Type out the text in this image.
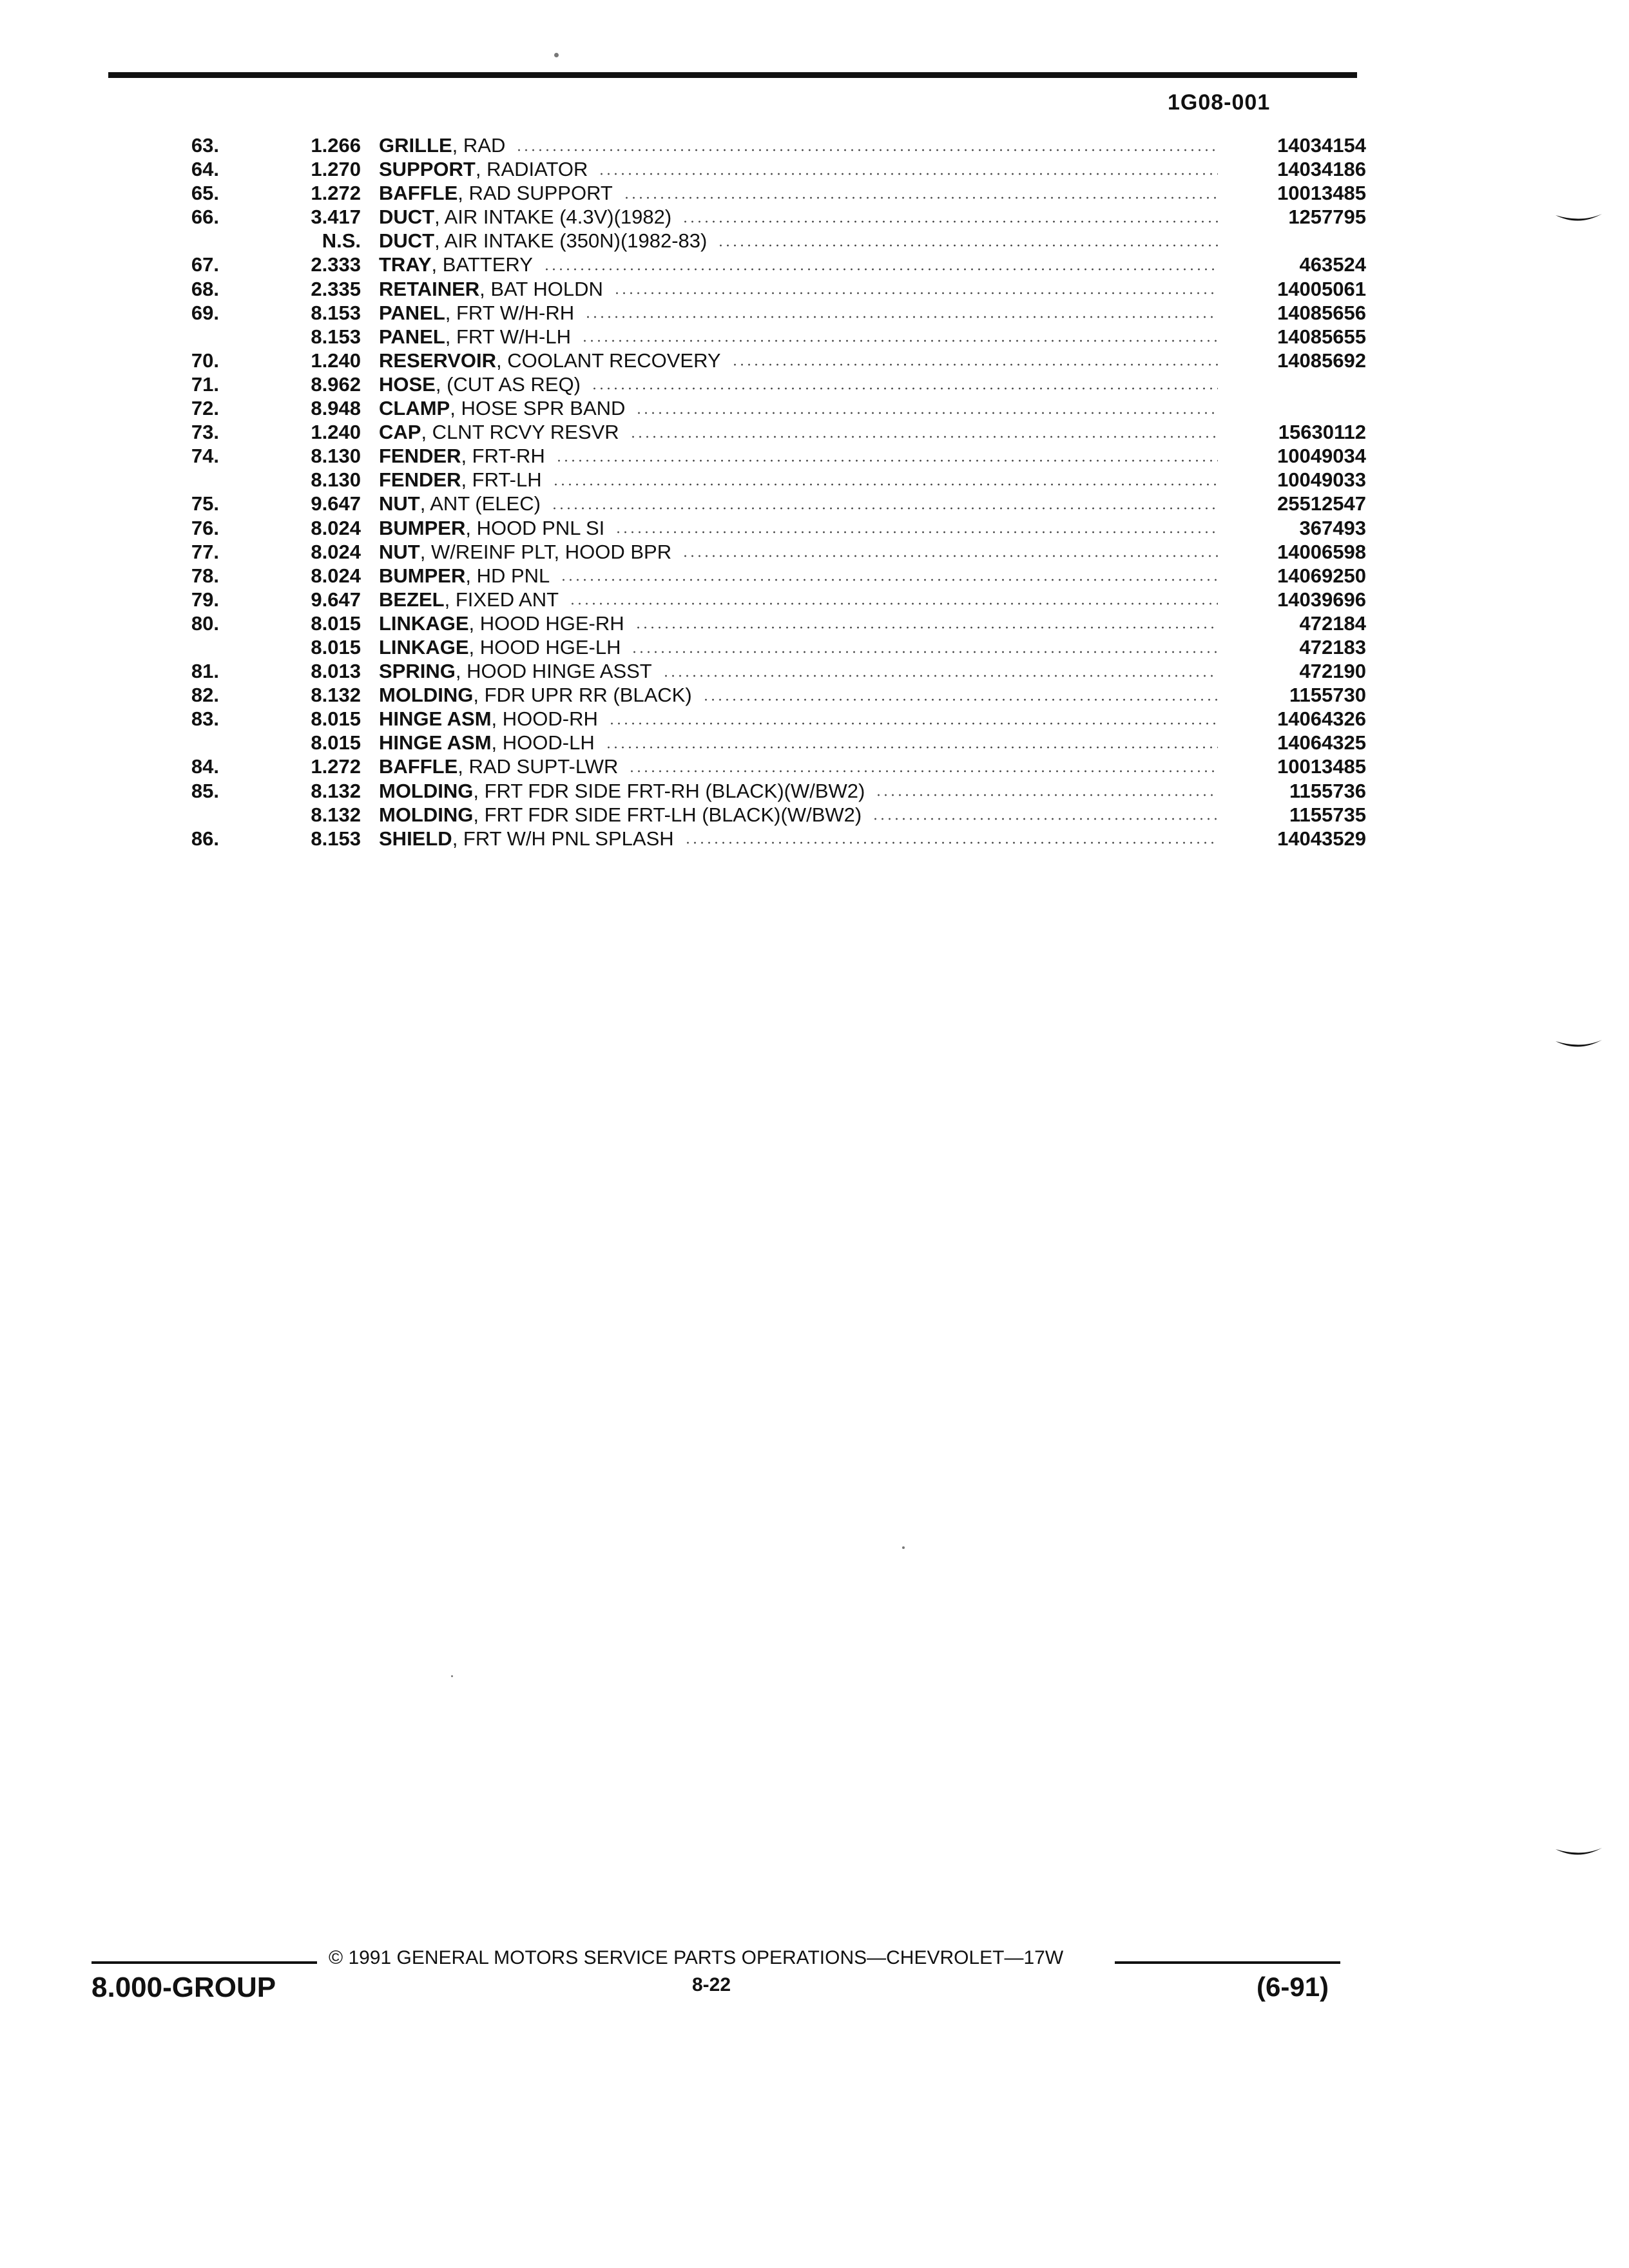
1G08-001
63.	1.266 GRILLE, RAD	14034154
64.	1.270 SUPPORT, RADIATOR	14034186
65.	1.272 BAFFLE, RAD SUPPORT	10013485
66.	3.417 DUCT, AIR INTAKE (4.3V)(1982)	1257795
N.S. DUCT, AIR INTAKE (350N)(1982-83)
67.	2.333 TRAY, BATTERY	463524
68.	2.335 RETAINER, BAT HOLDN	14005061
69.	8.153 PANEL, FRT W/H-RH	14085656
8.153 PANEL, FRT W/H-LH	14085655
70.	1.240 RESERVOIR, COOLANT RECOVERY	14085692
71.	8.962 HOSE, (CUT AS REQ)
72.	8.948 CLAMP, HOSE SPR BAND
73.	1.240 CAP, CLNT RCVY RESVR	15630112
74.	8.130 FENDER, FRT-RH	10049034
8.130 FENDER, FRT-LH	10049033
75.	9.647 NUT, ANT (ELEC)	25512547
76.	8.024 BUMPER, HOOD PNL SI	367493
77.	8.024 NUT, W/REINF PLT, HOOD BPR	14006598
78.	8.024 BUMPER, HD PNL	14069250
79.	9.647 BEZEL, FIXED ANT	14039696
80.	8.015 LINKAGE, HOOD HGE-RH	472184
8.015 LINKAGE, HOOD HGE-LH	472183
81.	8.013 SPRING, HOOD HINGE ASST	472190
82.	8.132 MOLDING, FDR UPR RR (BLACK)	1155730
83.	8.015 HINGE ASM, HOOD-RH	14064326
8.015 HINGE ASM, HOOD-LH	14064325
84.	1.272 BAFFLE, RAD SUPT-LWR	10013485
85.	8.132 MOLDING, FRT FDR SIDE FRT-RH (BLACK)(W/BW2)	1155736
8.132 MOLDING, FRT FDR SIDE FRT-LH (BLACK)(W/BW2)	1155735
86.	8.153 SHIELD, FRT W/H PNL SPLASH	14043529
8.000-GROUP
© 1991 GENERAL MOTORS SERVICE PARTS OPERATIONS—CHEVROLET—17W
8-22	(6-91)
